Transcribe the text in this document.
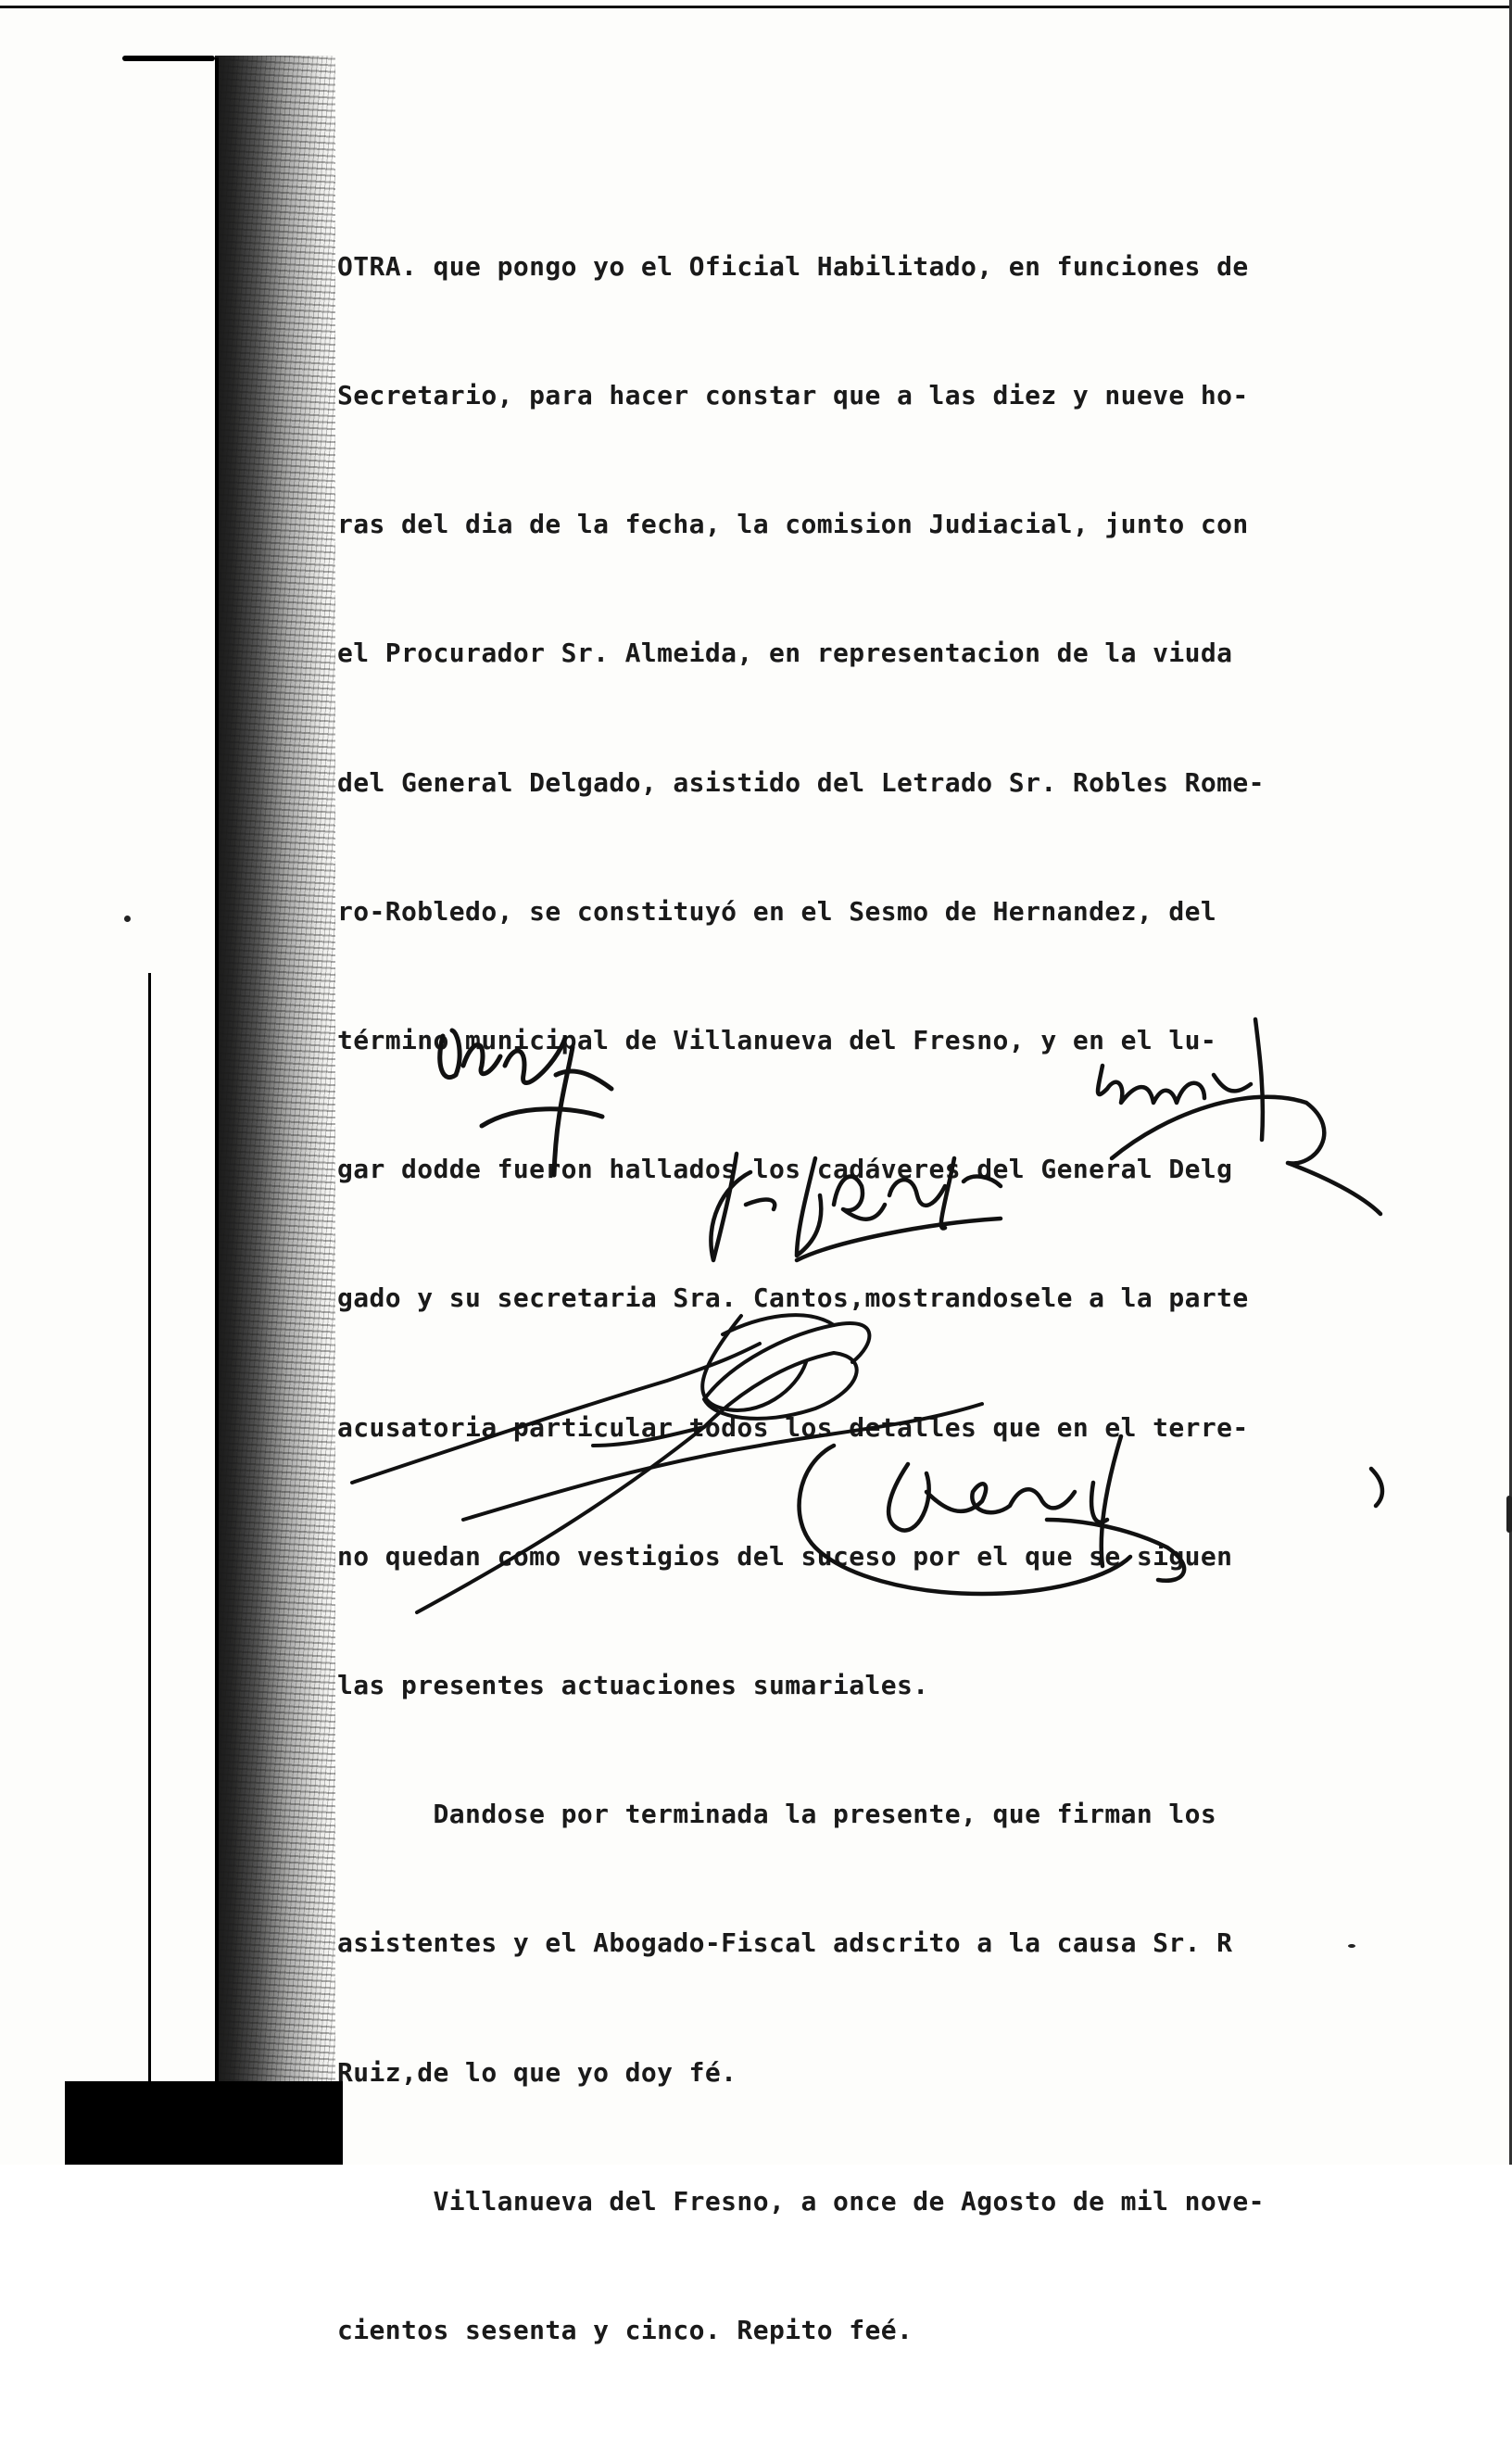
OTRA. que pongo yo el Oficial Habilitado, en funciones de

Secretario, para hacer constar que a las diez y nueve ho-

ras del dia de la fecha, la comision Judiacial, junto con

el Procurador Sr. Almeida, en representacion de la viuda

del General Delgado, asistido del Letrado Sr. Robles Rome-

ro-Robledo, se constituyó en el Sesmo de Hernandez, del

término municipal de Villanueva del Fresno, y en el lu-

gar dodde fueron hallados los cadáveres del General Delg

gado y su secretaria Sra. Cantos,mostrandosele a la parte

acusatoria particular todos los detalles que en el terre-

no quedan como vestigios del suceso por el que se siguen

las presentes actuaciones sumariales.

Dandose por terminada la presente, que firman los

asistentes y el Abogado-Fiscal adscrito a la causa Sr. R

Ruiz,de lo que yo doy fé.

Villanueva del Fresno, a once de Agosto de mil nove-

cientos sesenta y cinco. Repito feé.
